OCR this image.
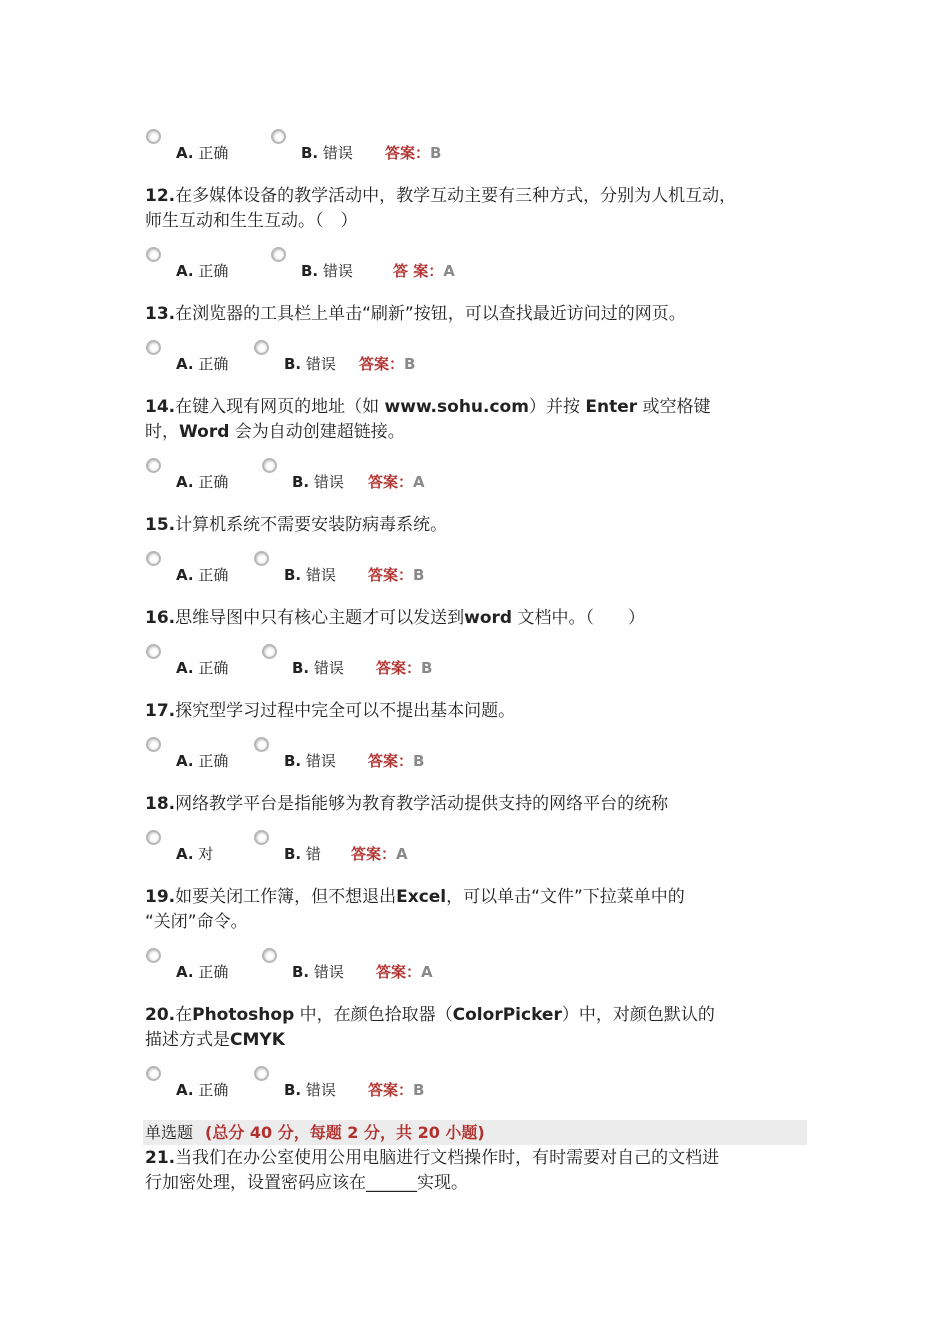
A. 正确	B. 错误 答案：B
12.在多媒体设备的教学活动中，教学互动主要有三种方式，分别为人机互动，
师生互动和生生互动。（　）
A. 正确	B. 错误	答 案：A
13.在浏览器的工具栏上单击“刷新”按钮，可以查找最近访问过的网页。
A. 正确	B. 错误 答案：B
14.在键入现有网页的地址（如 www.sohu.com）并按 Enter 或空格键
时，Word 会为自动创建超链接。
A. 正确	B. 错误 答案：A
15.计算机系统不需要安装防病毒系统。
A. 正确	B. 错误 答案：B
16.思维导图中只有核心主题才可以发送到word 文档中。（　　）
A. 正确	B. 错误 答案：B
17.探究型学习过程中完全可以不提出基本问题。
A. 正确	B. 错误 答案：B
18.网络教学平台是指能够为教育教学活动提供支持的网络平台的统称
A. 对	B. 错 答案：A
19.如要关闭工作簿，但不想退出Excel，可以单击“文件”下拉菜单中的
“关闭”命令。
A. 正确	B. 错误 答案：A
20.在Photoshop 中，在颜色拾取器（ColorPicker）中，对颜色默认的
描述方式是CMYK
A. 正确	B. 错误 答案：B
单选题 (总分 40 分，每题 2 分，共 20 小题)
21.当我们在办公室使用公用电脑进行文档操作时，有时需要对自己的文档进
行加密处理，设置密码应该在______实现。
